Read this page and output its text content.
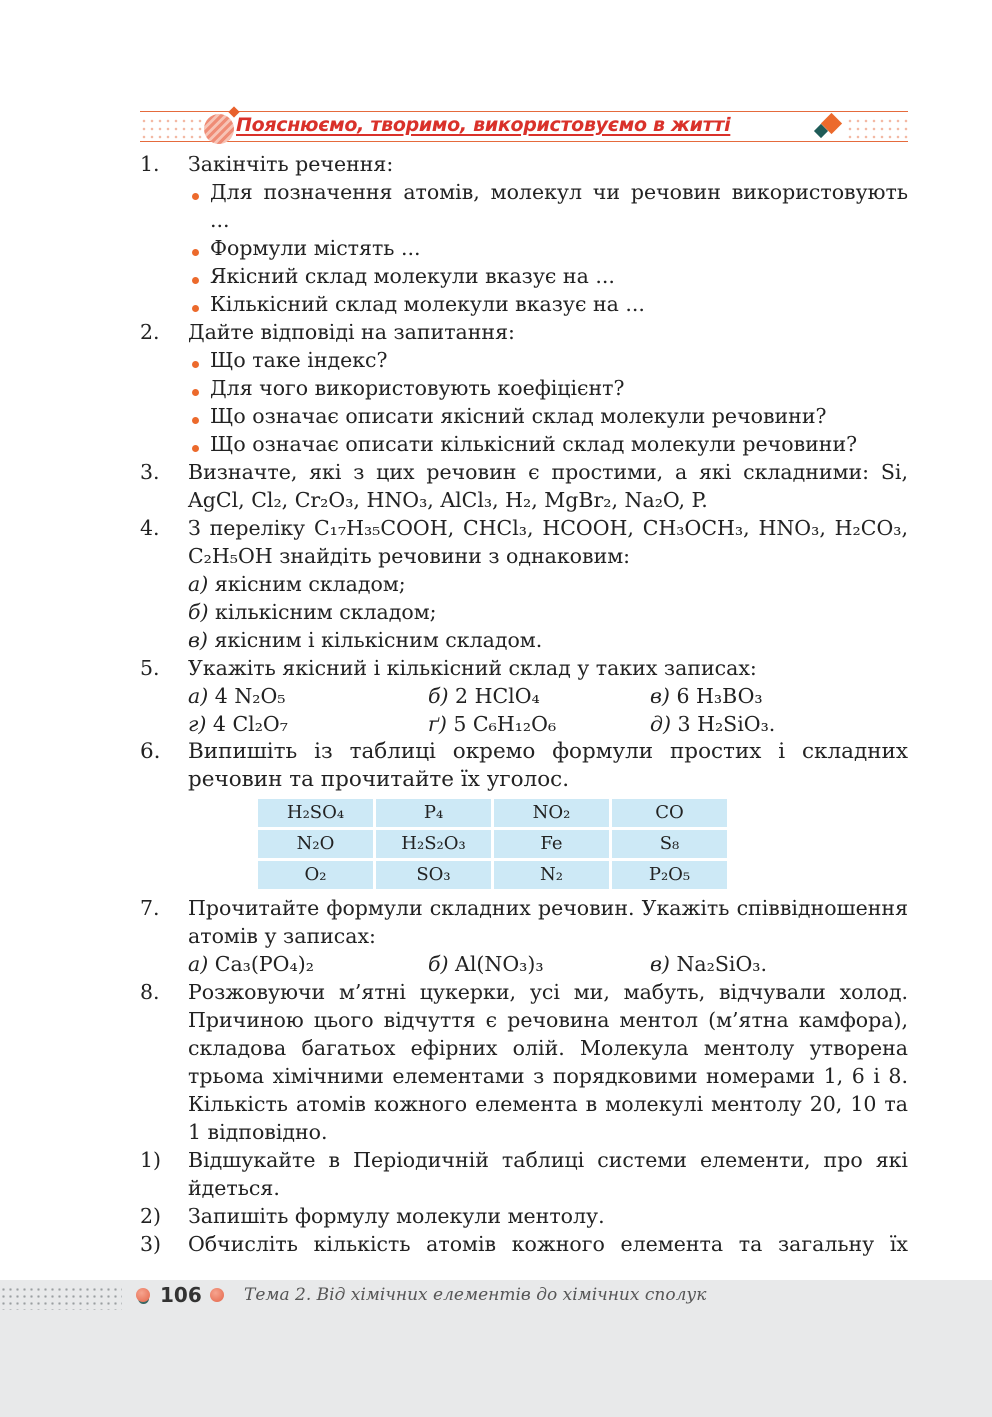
Пояснюємо, творимо, використовуємо в житті
1.	Закінчіть речення:
Для позначення атомів, молекул чи речовин використовують ...
Формули містять ...
Якісний склад молекули вказує на ...
Кількісний склад молекули вказує на ...
2.	Дайте відповіді на запитання:
Що таке індекс?
Для чого використовують коефіцієнт?
Що означає описати якісний склад молекули речовини?
Що означає описати кількісний склад молекули речовини?
3.	Визначте, які з цих речовин є простими, а які складними: Si, AgCl, Cl₂, Cr₂O₃, HNO₃, AlCl₃, H₂, MgBr₂, Na₂O, P.
4.	З переліку C₁₇H₃₅COOH, CHCl₃, HCOOH, CH₃OCH₃, HNO₃, H₂CO₃, C₂H₅OH знайдіть речовини з однаковим:
а) якісним складом;
б) кількісним складом;
в) якісним і кількісним складом.
5.	Укажіть якісний і кількісний склад у таких записах:
а) 4 N₂O₅	б) 2 HClO₄	в) 6 H₃BO₃
г) 4 Cl₂O₇	ґ) 5 C₆H₁₂O₆	д) 3 H₂SiO₃.
6.	Випишіть із таблиці окремо формули простих і складних речовин та прочитайте їх уголос.
H₂SO₄	P₄	NO₂	CO
N₂O	H₂S₂O₃	Fe	S₈
O₂	SO₃	N₂	P₂O₅
7.	Прочитайте формули складних речовин. Укажіть співвідношення атомів у записах:
а) Ca₃(PO₄)₂	б) Al(NO₃)₃	в) Na₂SiO₃.
8.	Розжовуючи м’ятні цукерки, усі ми, мабуть, відчували холод. Причиною цього відчуття є речовина ментол (м’ятна камфора), складова багатьох ефірних олій. Молекула ментолу утворена трьома хімічними елементами з порядковими номерами 1, 6 і 8. Кількість атомів кожного елемента в молекулі ментолу 20, 10 та 1 відповідно.
1)	Відшукайте в Періодичній таблиці системи елементи, про які йдеться.
2)	Запишіть формулу молекули ментолу.
3)	Обчисліть кількість атомів кожного елемента та загальну їх
106 Тема 2. Від хімічних елементів до хімічних сполук
